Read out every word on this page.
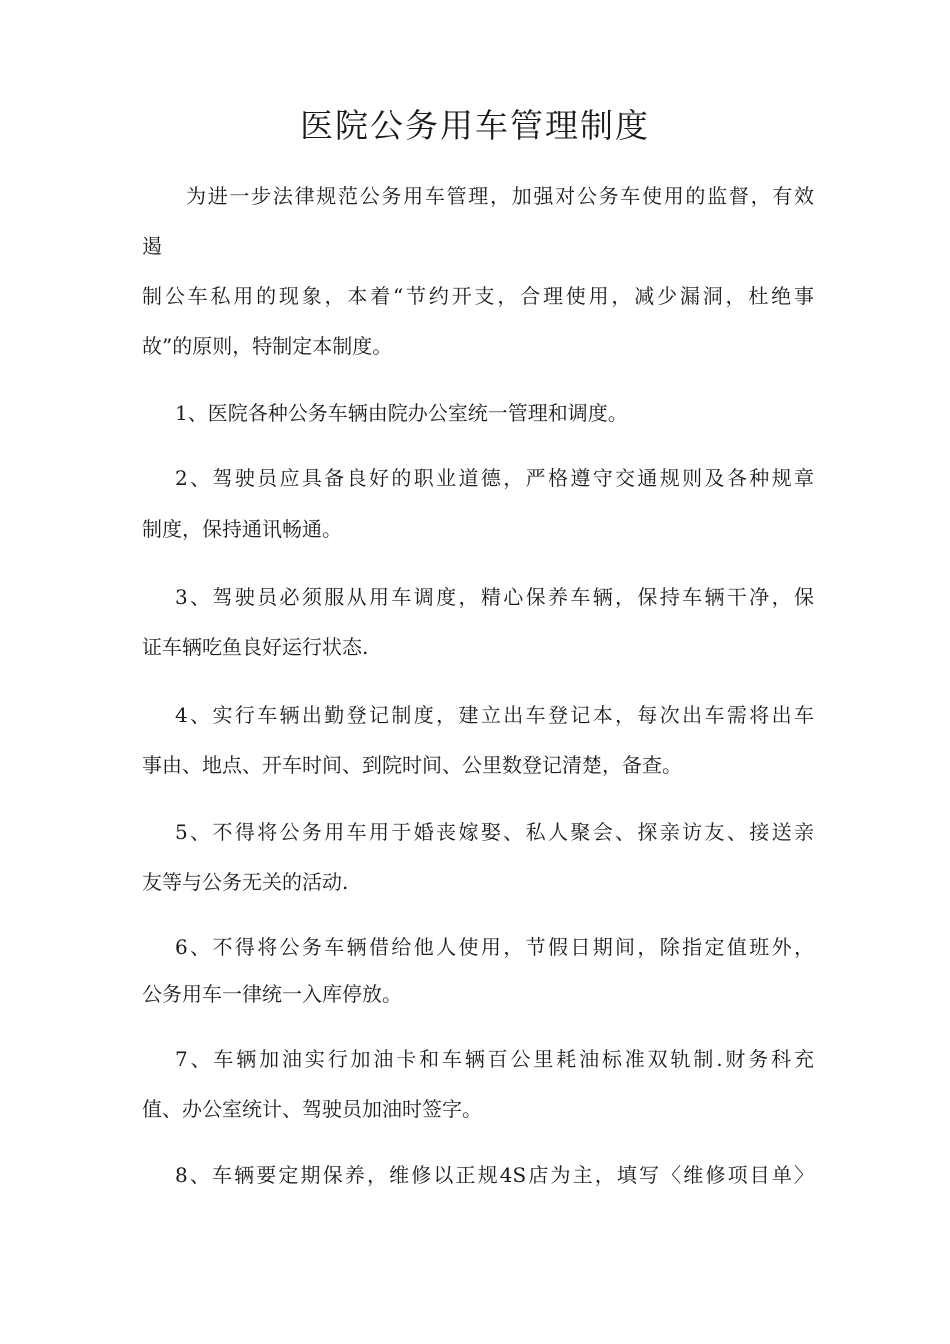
医院公务用车管理制度
为进一步法律规范公务用车管理，加强对公务车使用的监督，有效
遏
制公车私用的现象，本着“节约开支，合理使用，减少漏洞，杜绝事
故”的原则，特制定本制度。
1、医院各种公务车辆由院办公室统一管理和调度。
2、驾驶员应具备良好的职业道德，严格遵守交通规则及各种规章
制度，保持通讯畅通。
3、驾驶员必须服从用车调度，精心保养车辆，保持车辆干净，保
证车辆吃鱼良好运行状态.
4、实行车辆出勤登记制度，建立出车登记本，每次出车需将出车
事由、地点、开车时间、到院时间、公里数登记清楚，备查。
5、不得将公务用车用于婚丧嫁娶、私人聚会、探亲访友、接送亲
友等与公务无关的活动.
6、不得将公务车辆借给他人使用，节假日期间，除指定值班外，
公务用车一律统一入库停放。
7、车辆加油实行加油卡和车辆百公里耗油标准双轨制.财务科充
值、办公室统计、驾驶员加油时签字。
8、车辆要定期保养，维修以正规4S店为主，填写〈维修项目单〉
